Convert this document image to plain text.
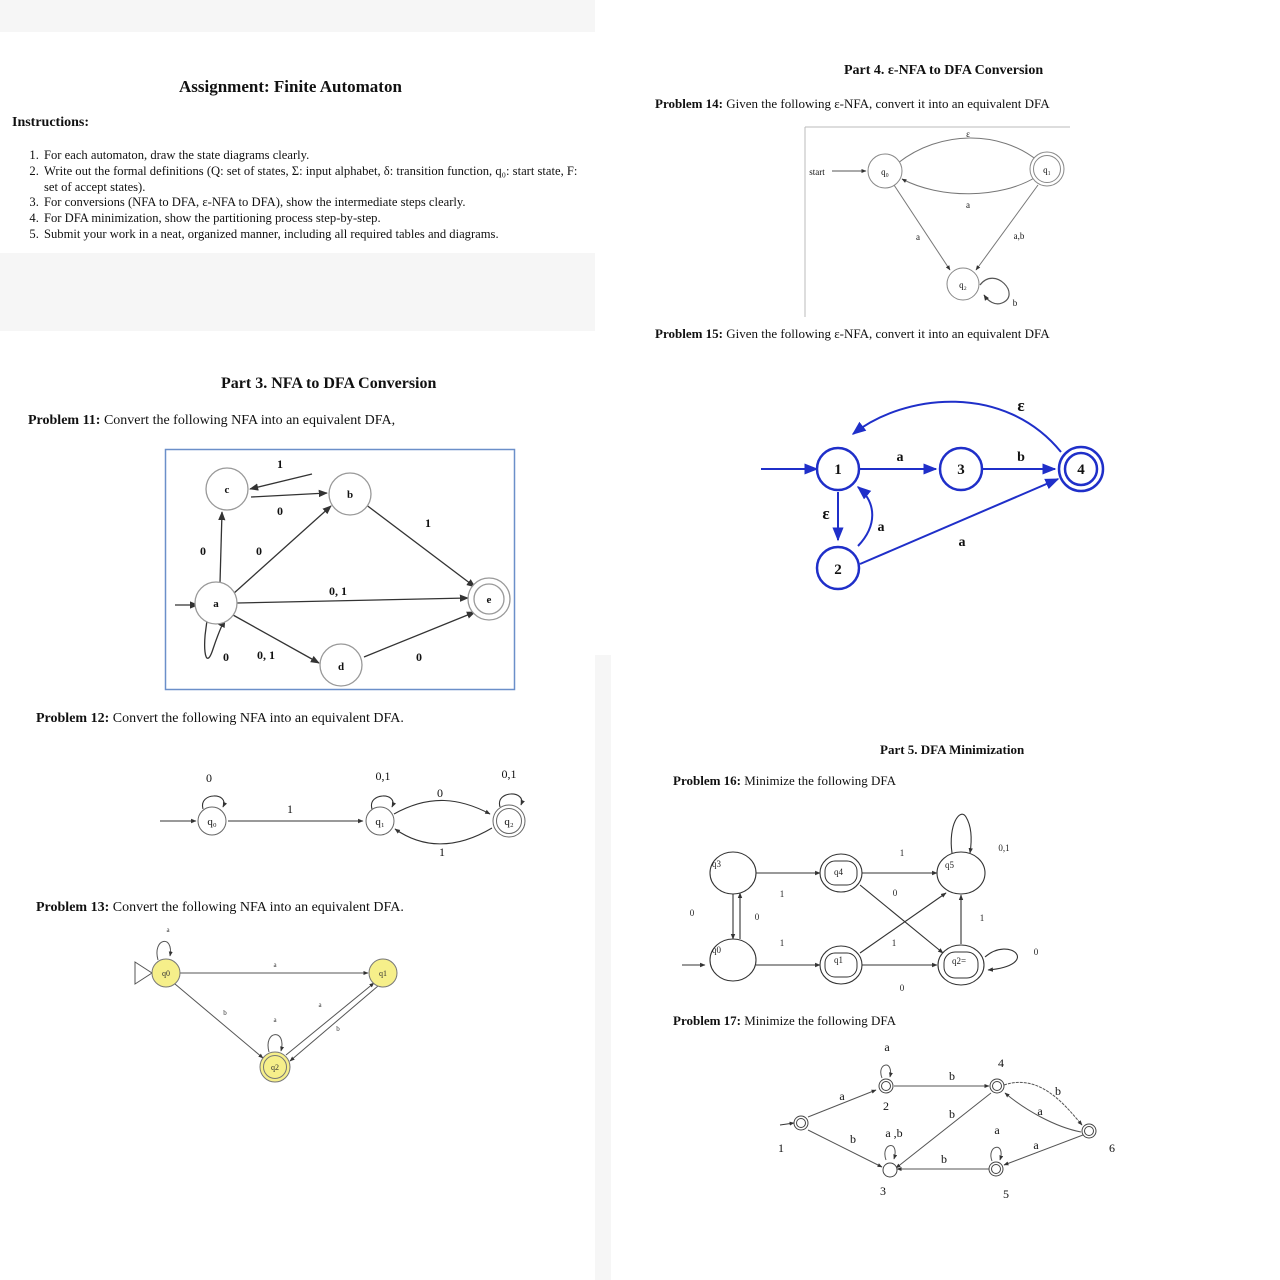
Assignment: Finite Automaton
Instructions:
1. For each automaton, draw the state diagrams clearly.
2. Write out the formal definitions (Q: set of states, Σ: input alphabet, δ: transition function, q₀: start state, F: set of accept states).
3. For conversions (NFA to DFA, ε-NFA to DFA), show the intermediate steps clearly.
4. For DFA minimization, show the partitioning process step-by-step.
5. Submit your work in a neat, organized manner, including all required tables and diagrams.
Part 3. NFA to DFA Conversion
Problem 11: Convert the following NFA into an equivalent DFA,
c	b
a
d
e
1
0
0	0
1
0, 1
0 0, 1	0
Problem 12: Convert the following NFA into an equivalent DFA.
q₀	q₁	q₂
0
1
0,1
0
1
0,1
Problem 13: Convert the following NFA into an equivalent DFA.
q0	q1
q2
a
a
b
a
a
b
Part 4. ε-NFA to DFA Conversion
Problem 14: Given the following ε-NFA, convert it into an equivalent DFA
start	q₀	q₁
q₂
ε
a
a	a,b
b
Problem 15: Given the following ε-NFA, convert it into an equivalent DFA
1
2
3	4
a	b
ε
ε
a
a
Part 5. DFA Minimization
Problem 16: Minimize the following DFA
q3
q0
q4
q1
q5
q2=
0	0
1
1
1
0
1
0
1
0
0,1
Problem 17: Minimize the following DFA
1
2
3
4
5
6
a
a
b a ,b
b
b
b
a
b
a
a
